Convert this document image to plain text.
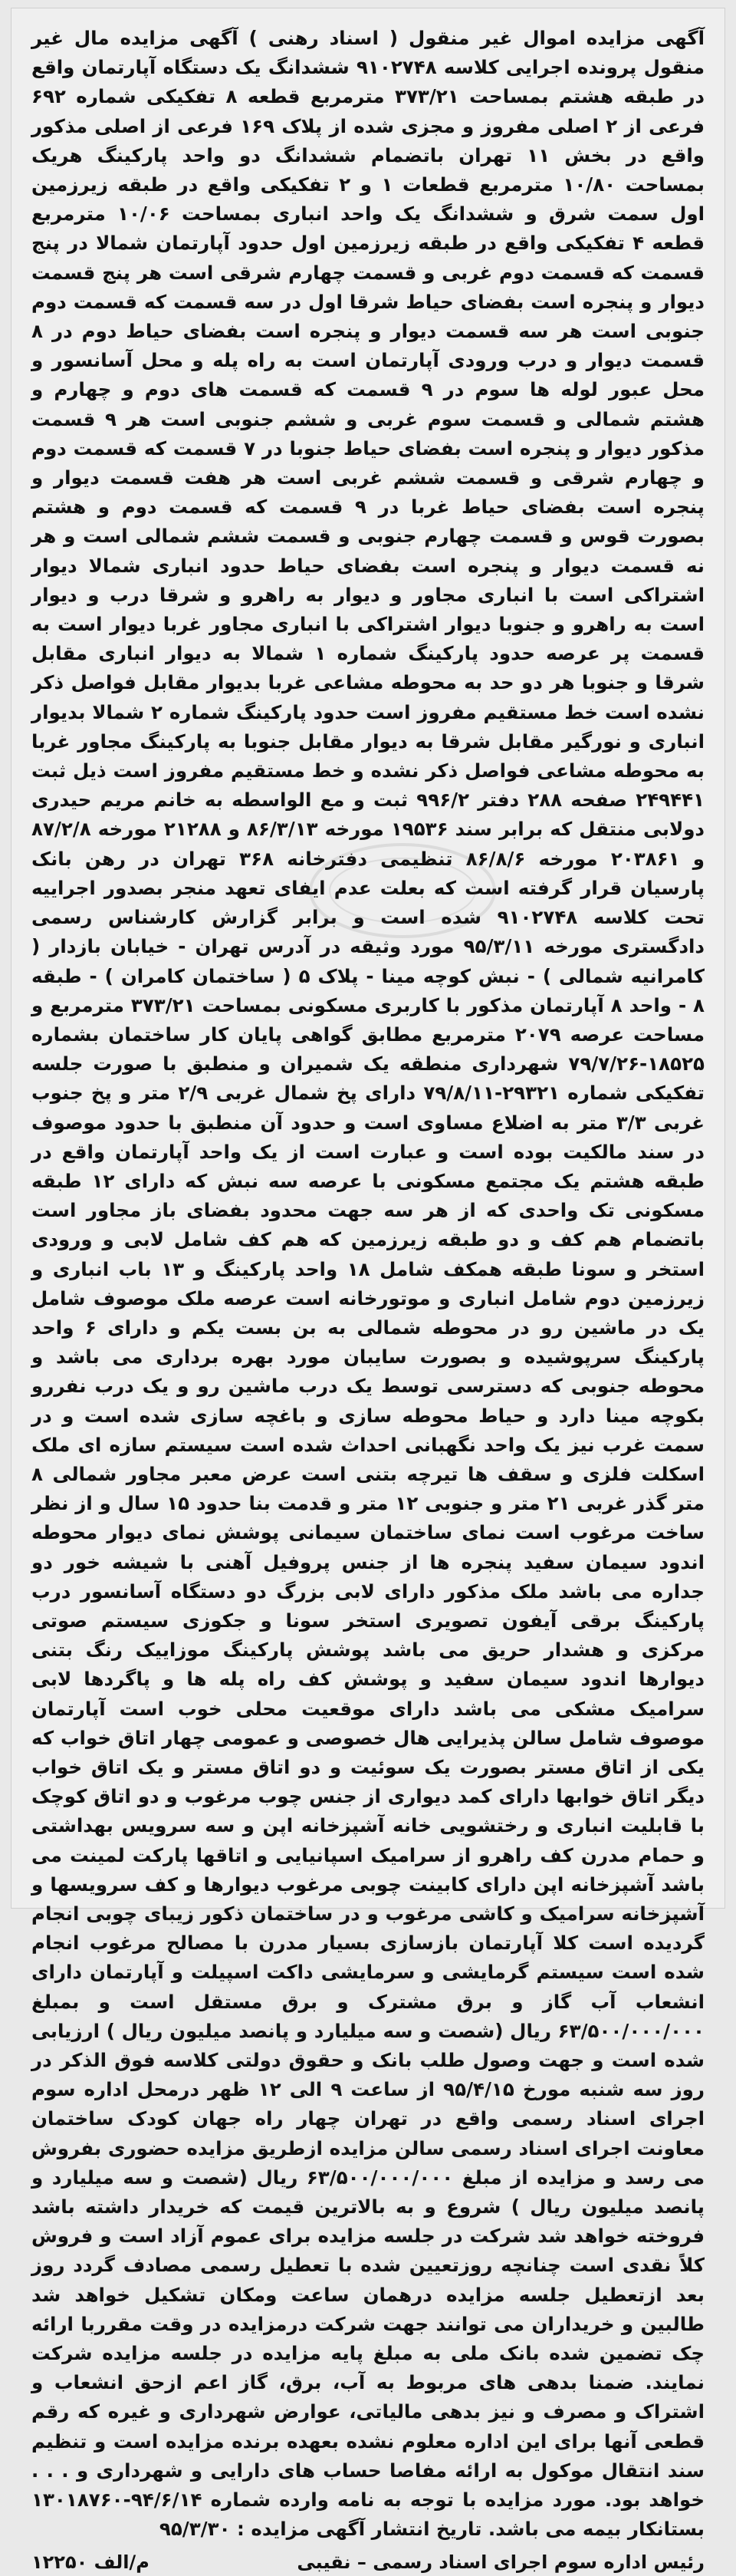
آگهی مزایده اموال غیر منقول ( اسناد رهنی ) آگهی مزایده مال غیر منقول پرونده اجرایی کلاسه ۹۱۰۲۷۴۸ ششدانگ یک دستگاه آپارتمان واقع در طبقه هشتم بمساحت ۳۷۳/۲۱ مترمربع قطعه ۸ تفکیکی شماره ۶۹۲ فرعی از ۲ اصلی مفروز و مجزی شده از پلاک ۱۶۹ فرعی از اصلی مذکور واقع در بخش ۱۱ تهران باتضمام ششدانگ دو واحد پارکینگ هریک بمساحت ۱۰/۸۰ مترمربع قطعات ۱ و ۲ تفکیکی واقع در طبقه زیرزمین اول سمت شرق و ششدانگ یک واحد انباری بمساحت ۱۰/۰۶ مترمربع قطعه ۴ تفکیکی واقع در طبقه زیرزمین اول حدود آپارتمان شمالا در پنج قسمت که قسمت دوم غربی و قسمت چهارم شرقی است هر پنج قسمت دیوار و پنجره است بفضای حیاط شرقا اول در سه قسمت که قسمت دوم جنوبی است هر سه قسمت دیوار و پنجره است بفضای حیاط دوم در ۸ قسمت دیوار و درب ورودی آپارتمان است به راه پله و محل آسانسور و محل عبور لوله ها سوم در ۹ قسمت که قسمت های دوم و چهارم و هشتم شمالی و قسمت سوم غربی و ششم جنوبی است هر ۹ قسمت مذکور دیوار و پنجره است بفضای حیاط جنوبا در ۷ قسمت که قسمت دوم و چهارم شرقی و قسمت ششم غربی است هر هفت قسمت دیوار و پنجره است بفضای حیاط غربا در ۹ قسمت که قسمت دوم و هشتم بصورت قوس و قسمت چهارم جنوبی و قسمت ششم شمالی است و هر نه قسمت دیوار و پنجره است بفضای حیاط حدود انباری شمالا دیوار اشتراکی است با انباری مجاور و دیوار به راهرو و شرقا درب و دیوار است به راهرو و جنوبا دیوار اشتراکی با انباری مجاور غربا دیوار است به قسمت پر عرصه حدود پارکینگ شماره ۱ شمالا به دیوار انباری مقابل شرقا و جنوبا هر دو حد به محوطه مشاعی غربا بدیوار مقابل فواصل ذکر نشده است خط مستقیم مفروز است حدود پارکینگ شماره ۲ شمالا بدیوار انباری و نورگیر مقابل شرقا به دیوار مقابل جنوبا به پارکینگ مجاور غربا به محوطه مشاعی فواصل ذکر نشده و خط مستقیم مفروز است ذیل ثبت ۲۴۹۴۴۱ صفحه ۲۸۸ دفتر ۹۹۶/۲ ثبت و مع الواسطه به خانم مریم حیدری دولابی منتقل که برابر سند ۱۹۵۳۶ مورخه ۸۶/۳/۱۳ و ۲۱۲۸۸ مورخه ۸۷/۲/۸ و ۲۰۳۸۶۱ مورخه ۸۶/۸/۶ تنظیمی دفترخانه ۳۶۸ تهران در رهن بانک پارسیان قرار گرفته است که بعلت عدم ایفای تعهد منجر بصدور اجراییه تحت کلاسه ۹۱۰۲۷۴۸ شده است و برابر گزارش کارشناس رسمی دادگستری مورخه ۹۵/۳/۱۱ مورد وثیقه در آدرس تهران - خیابان بازدار ( کامرانیه شمالی ) - نبش کوچه مینا - پلاک ۵ ( ساختمان کامران ) - طبقه ۸ - واحد ۸ آپارتمان مذکور با کاربری مسکونی بمساحت ۳۷۳/۲۱ مترمربع و مساحت عرصه ۲۰۷۹ مترمربع مطابق گواهی پایان کار ساختمان بشماره ۱۸۵۲۵-۷۹/۷/۲۶ شهرداری منطقه یک شمیران و منطبق با صورت جلسه تفکیکی شماره ۲۹۳۲۱-۷۹/۸/۱۱ دارای پخ شمال غربی ۲/۹ متر و پخ جنوب غربی ۳/۳ متر به اضلاع مساوی است و حدود آن منطبق با حدود موصوف در سند مالکیت بوده است و عبارت است از یک واحد آپارتمان واقع در طبقه هشتم یک مجتمع مسکونی با عرصه سه نبش که دارای ۱۲ طبقه مسکونی تک واحدی که از هر سه جهت محدود بفضای باز مجاور است باتضمام هم کف و دو طبقه زیرزمین که هم کف شامل لابی و ورودی استخر و سونا طبقه همکف شامل ۱۸ واحد پارکینگ و ۱۳ باب انباری و زیرزمین دوم شامل انباری و موتورخانه است عرصه ملک موصوف شامل یک در ماشین رو در محوطه شمالی به بن بست یکم و دارای ۶ واحد پارکینگ سرپوشیده و بصورت سایبان مورد بهره برداری می باشد و محوطه جنوبی که دسترسی توسط یک درب ماشین رو و یک درب نفررو بکوچه مینا دارد و حیاط محوطه سازی و باغچه سازی شده است و در سمت غرب نیز یک واحد نگهبانی احداث شده است سیستم سازه ای ملک اسکلت فلزی و سقف ها تیرچه بتنی است عرض معبر مجاور شمالی ۸ متر گذر غربی ۲۱ متر و جنوبی ۱۲ متر و قدمت بنا حدود ۱۵ سال و از نظر ساخت مرغوب است نمای ساختمان سیمانی پوشش نمای دیوار محوطه اندود سیمان سفید پنجره ها از جنس پروفیل آهنی با شیشه خور دو جداره می باشد ملک مذکور دارای لابی بزرگ دو دستگاه آسانسور درب پارکینگ برقی آیفون تصویری استخر سونا و جکوزی سیستم صوتی مرکزی و هشدار حریق می باشد پوشش پارکینگ موزاییک رنگ بتنی دیوارها اندود سیمان سفید و پوشش کف راه پله ها و پاگردها لابی سرامیک مشکی می باشد دارای موقعیت محلی خوب است آپارتمان موصوف شامل سالن پذیرایی هال خصوصی و عمومی چهار اتاق خواب که یکی از اتاق مستر بصورت یک سوئیت و دو اتاق مستر و یک اتاق خواب دیگر اتاق خوابها دارای کمد دیواری از جنس چوب مرغوب و دو اتاق کوچک با قابلیت انباری و رختشویی خانه آشپزخانه اپن و سه سرویس بهداشتی و حمام مدرن کف راهرو از سرامیک اسپانیایی و اتاقها پارکت لمینت می باشد آشپزخانه اپن دارای کابینت چوبی مرغوب دیوارها و کف سرویسها و آشپزخانه سرامیک و کاشی مرغوب و در ساختمان ذکور زیبای چوبی انجام گردیده است کلا آپارتمان بازسازی بسیار مدرن با مصالح مرغوب انجام شده است سیستم گرمایشی و سرمایشی داکت اسپیلت و آپارتمان دارای انشعاب آب گاز و برق مشترک و برق مستقل است و بمبلغ ۶۳/۵۰۰/۰۰۰/۰۰۰ ریال (شصت و سه میلیارد و پانصد میلیون ریال ) ارزیابی شده است و جهت وصول طلب بانک و حقوق دولتی کلاسه فوق الذکر در روز سه شنبه مورخ ۹۵/۴/۱۵ از ساعت ۹ الی ۱۲ ظهر درمحل اداره سوم اجرای اسناد رسمی واقع در تهران چهار راه جهان کودک ساختمان معاونت اجرای اسناد رسمی سالن مزایده ازطریق مزایده حضوری بفروش می رسد و مزایده از مبلغ ۶۳/۵۰۰/۰۰۰/۰۰۰ ریال (شصت و سه میلیارد و پانصد میلیون ریال ) شروع و به بالاترین قیمت که خریدار داشته باشد فروخته خواهد شد شرکت در جلسه مزایده برای عموم آزاد است و فروش کلاً نقدی است چنانچه روزتعیین شده با تعطیل رسمی مصادف گردد روز بعد ازتعطیل جلسه مزایده درهمان ساعت ومکان تشکیل خواهد شد طالبین و خریداران می توانند جهت شرکت درمزایده در وقت مقرربا ارائه چک تضمین شده بانک ملی به مبلغ پایه مزایده در جلسه مزایده شرکت نمایند. ضمنا بدهی های مربوط به آب، برق، گاز اعم ازحق انشعاب و اشتراک و مصرف و نیز بدهی مالیاتی، عوارض شهرداری و غیره که رقم قطعی آنها برای این اداره معلوم نشده بعهده برنده مزایده است و تنظیم سند انتقال موکول به ارائه مفاصا حساب های دارایی و شهرداری و . . . خواهد بود. مورد مزایده با توجه به نامه وارده شماره ۹۴/۶/۱۴-۱۳۰۱۸۷۶۰ بستانکار بیمه می باشد. تاریخ انتشار آگهی مزایده : ۹۵/۳/۳۰

رئیس اداره سوم اجرای اسناد رسمی – نقیبی
م/الف ۱۲۲۵۰
